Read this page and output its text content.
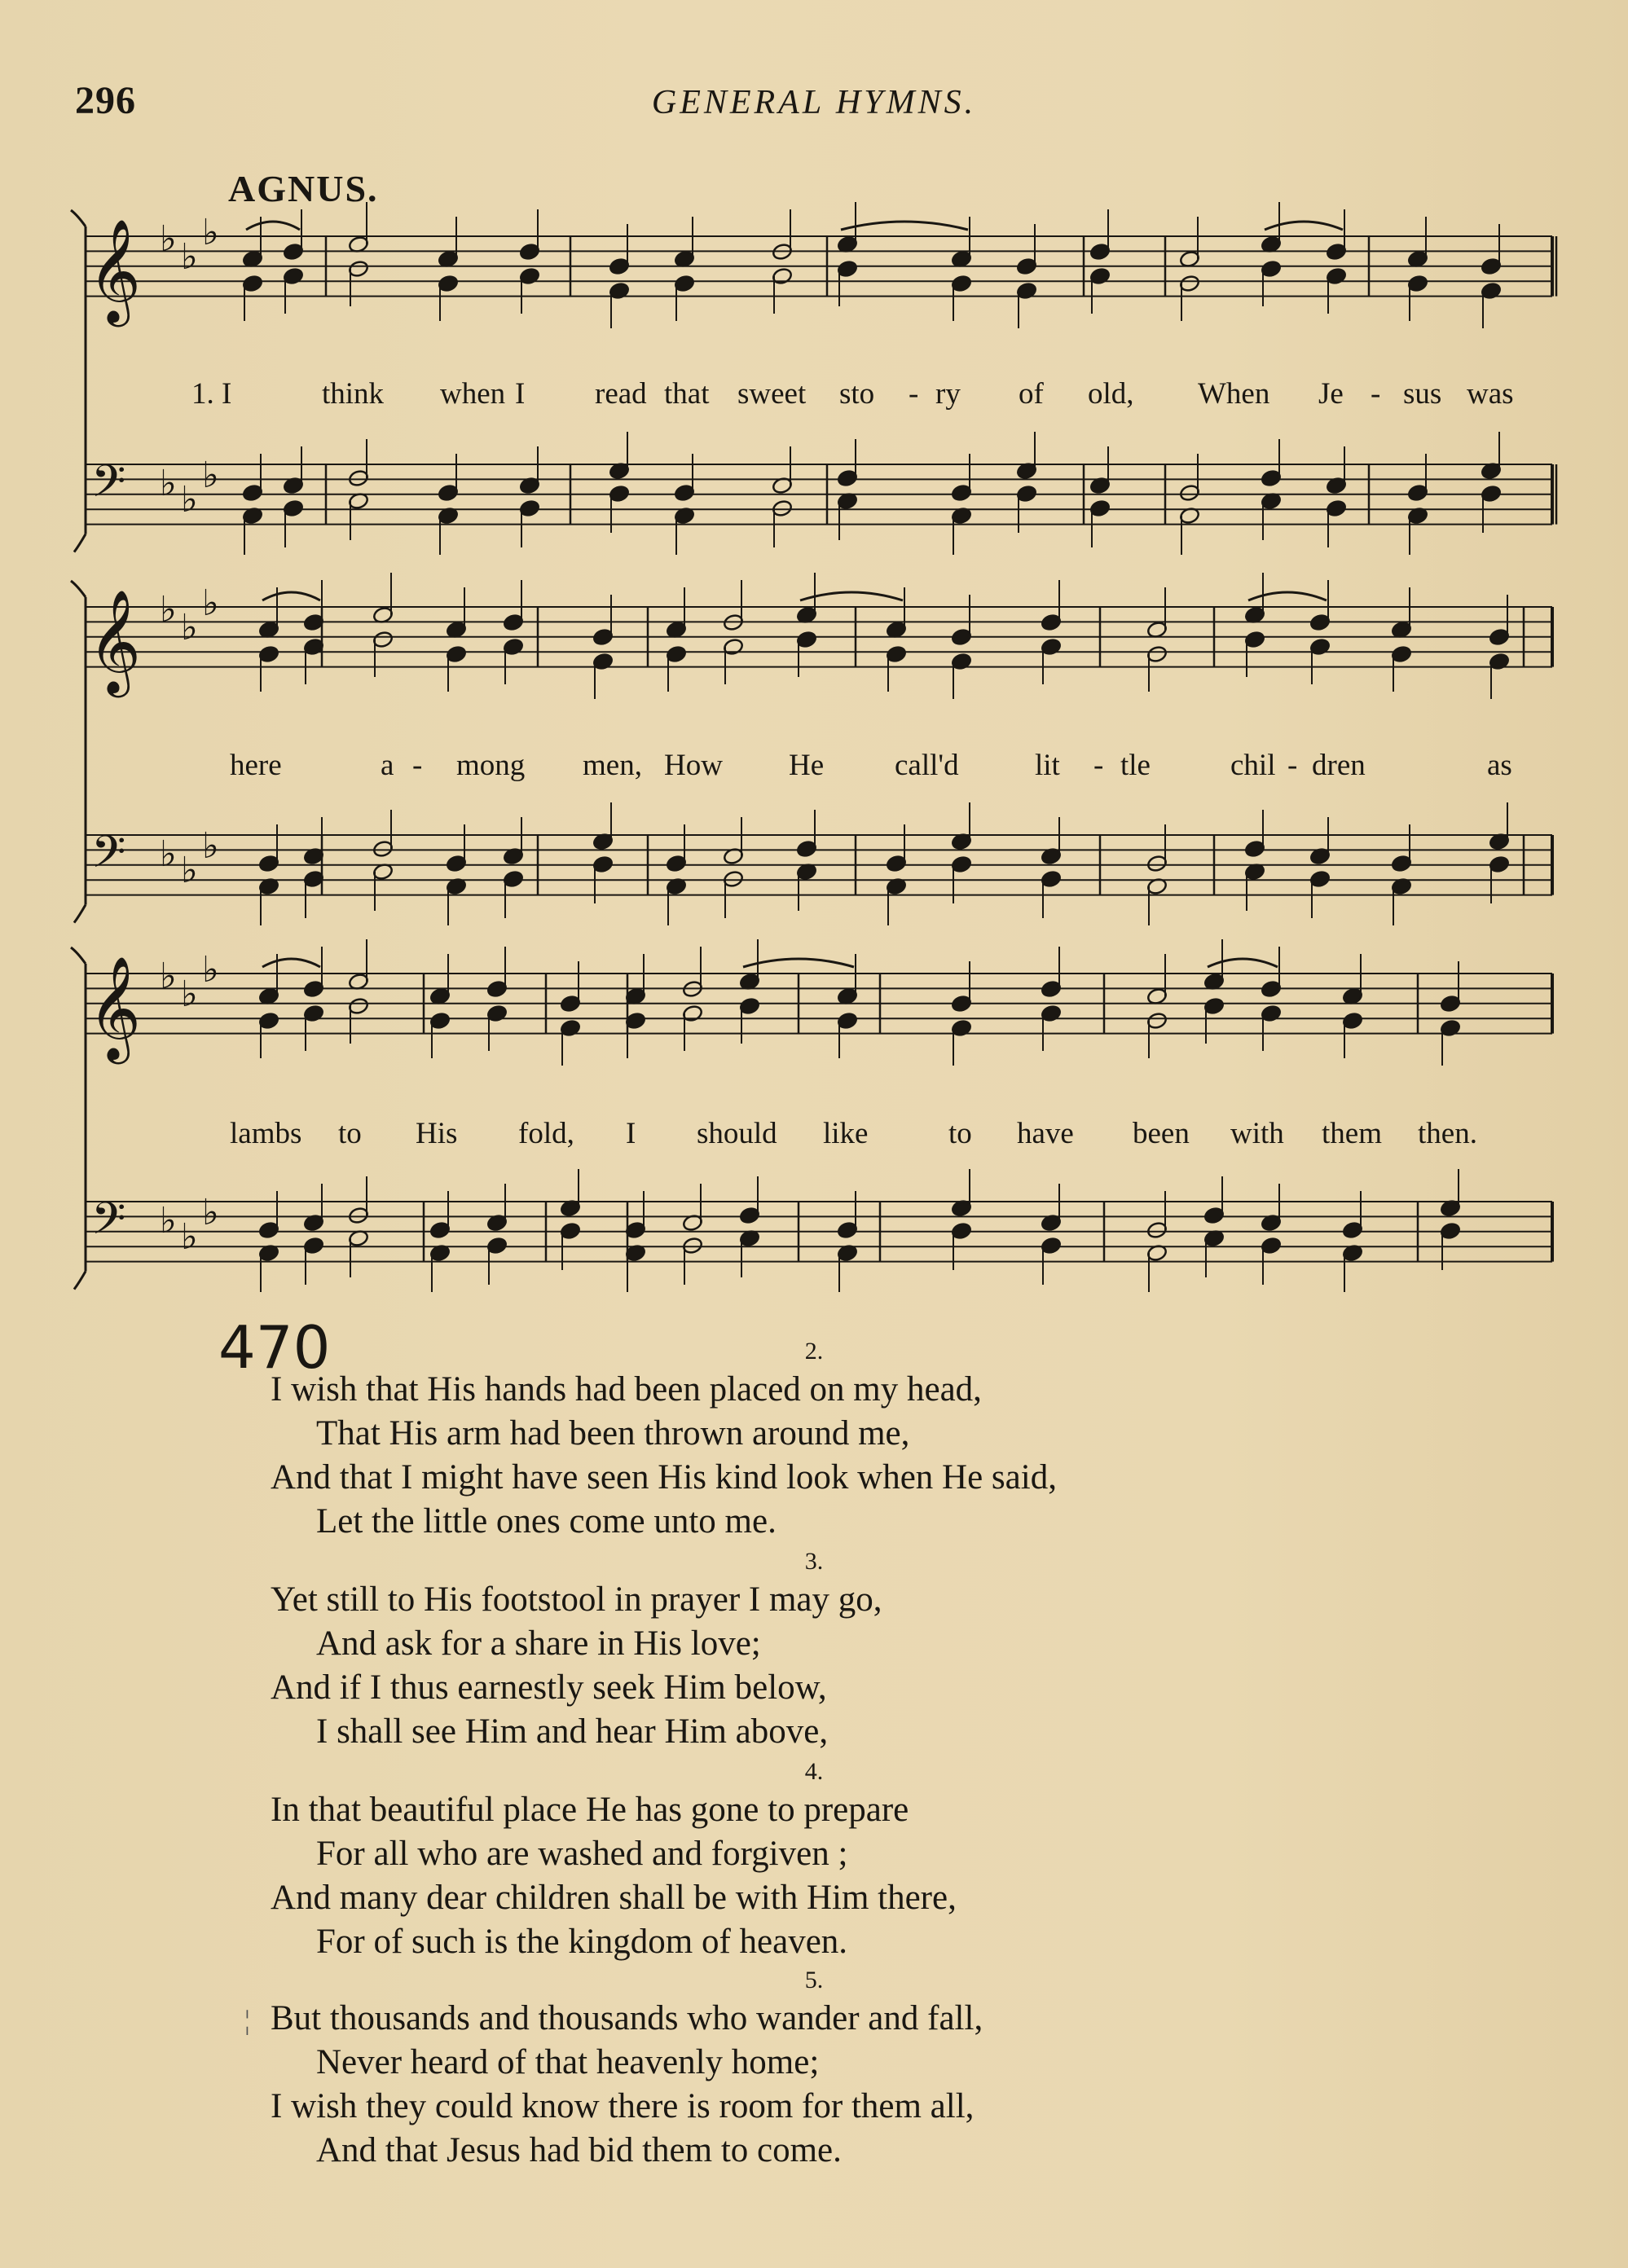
296	GENERAL HYMNS.
AGNUS.
𝄞
𝄢
♭ ♭
♭
♭ ♭
♭
𝄞
𝄢
♭ ♭
♭
♭ ♭
♭
𝄞
𝄢
♭ ♭
♭
♭ ♭
♭
1. I	think when I read that sweet sto - ry of old, When Je - sus was
here	a - mong men, How He call'd	lit - tle	chil - dren	as
lambs to His fold, I should like	to have been with them then.
470	2.
I wish that His hands had been placed on my head,
That His arm had been thrown around me,
And that I might have seen His kind look when He said,
Let the little ones come unto me.
3.
Yet still to His footstool in prayer I may go,
And ask for a share in His love;
And if I thus earnestly seek Him below,
I shall see Him and hear Him above,
4.
In that beautiful place He has gone to prepare
For all who are washed and forgiven ;
And many dear children shall be with Him there,
For of such is the kingdom of heaven.
5.
But thousands and thousands who wander and fall,
Never heard of that heavenly home;
I wish they could know there is room for them all,
And that Jesus had bid them to come.
¦
